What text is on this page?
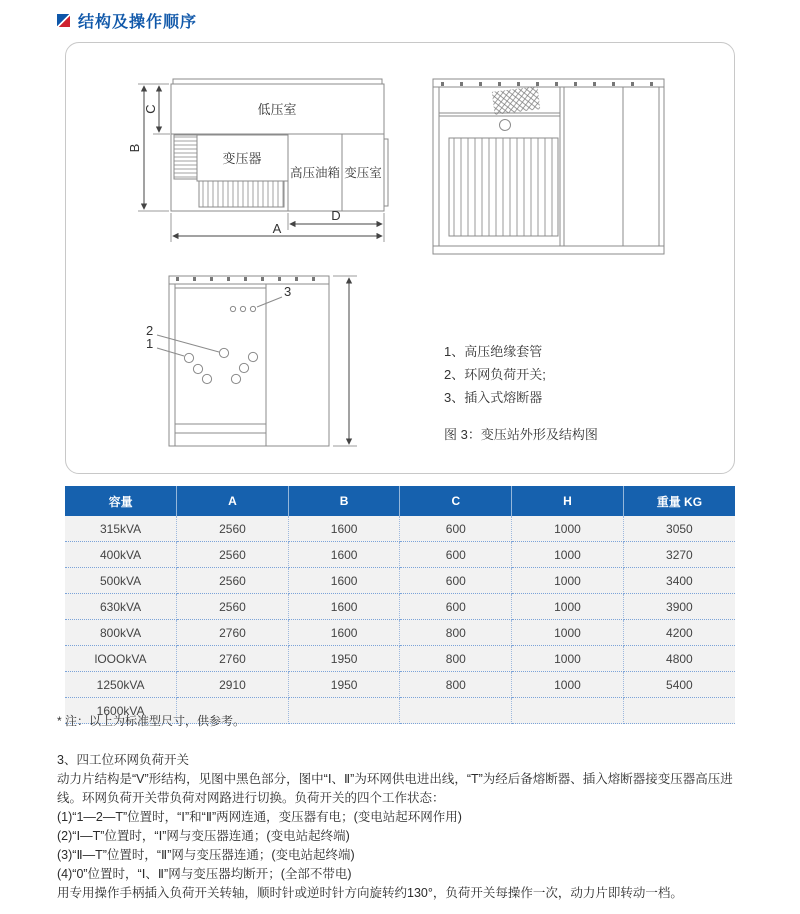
结构及操作顺序
低压室
变压器
高压油箱 变压室
B
C
D
A
3
2
1
1、高压绝缘套管
2、环网负荷开关;
3、插入式熔断器
图 3：变压站外形及结构图
容量	A	B	C	H	重量 KG
315kVA	2560	1600	600	1000	3050
400kVA	2560	1600	600	1000	3270
500kVA	2560	1600	600	1000	3400
630kVA	2560	1600	600	1000	3900
800kVA	2760	1600	800	1000	4200
lOOOkVA	2760	1950	800	1000	4800
1250kVA	2910	1950	800	1000	5400
1600kVA					
* 注：以上为标准型尺寸，供参考。

3、四工位环网负荷开关

动力片结构是“V”形结构，见图中黑色部分，图中“Ⅰ、Ⅱ”为环网供电进出线，“T”为经后备熔断器、插入熔断器接变压器高压进线。环网负荷开关带负荷对网路进行切换。负荷开关的四个工作状态：

(1)“1—2—T”位置时，“Ⅰ”和“Ⅱ”两网连通，变压器有电；(变电站起环网作用)

(2)“Ⅰ—T”位置时，“Ⅰ”网与变压器连通；(变电站起终端)

(3)“Ⅱ—T”位置时，“Ⅱ”网与变压器连通；(变电站起终端)

(4)“0”位置时，“Ⅰ、Ⅱ”网与变压器均断开；(全部不带电)

用专用操作手柄插入负荷开关转轴，顺时针或逆时针方向旋转约130°，负荷开关每操作一次，动力片即转动一档。
